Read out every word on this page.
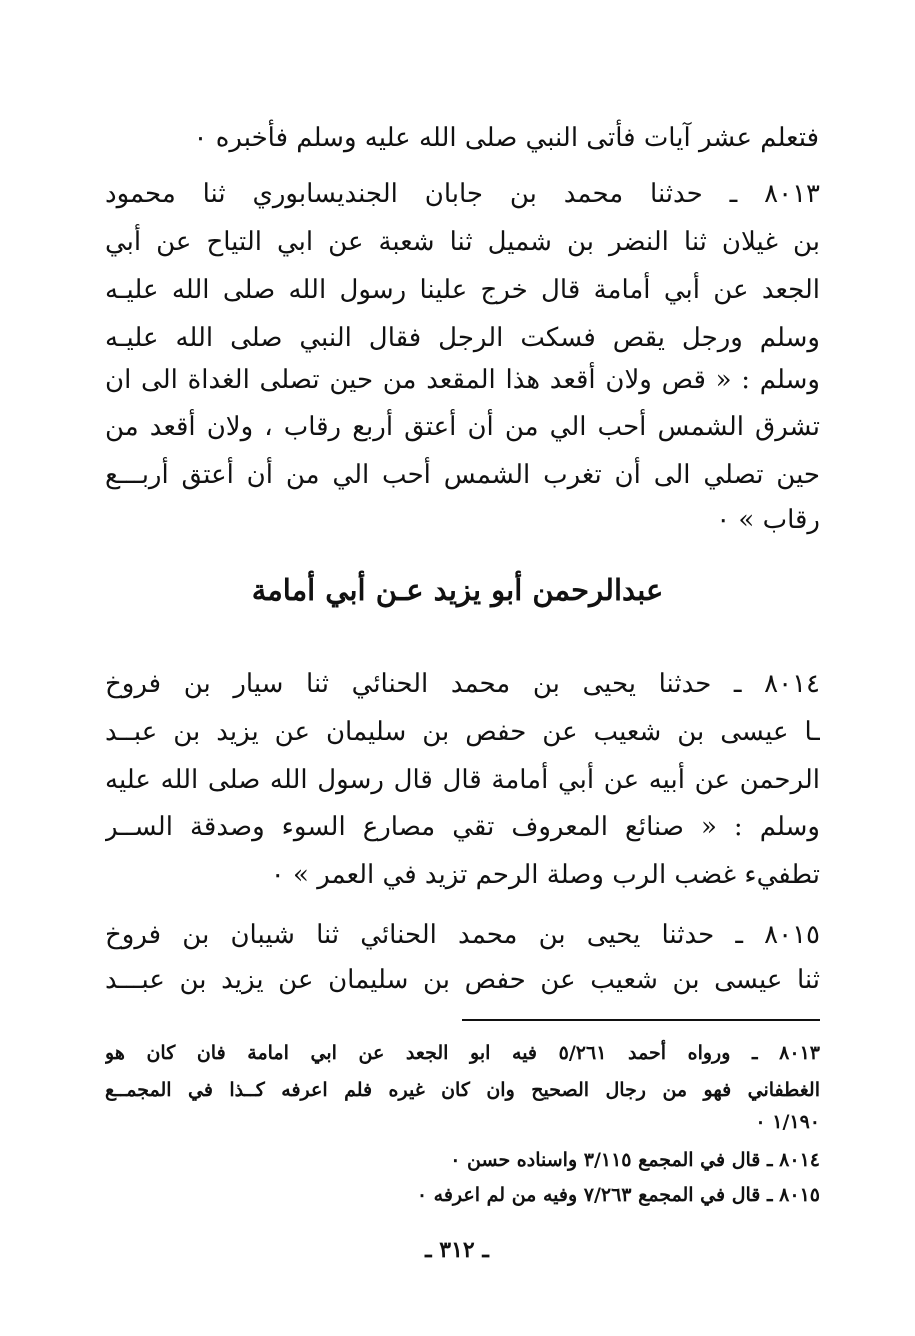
فتعلم عشر آيات فأتى النبي صلى الله عليه وسلم فأخبره ٠
٨٠١٣ ـ حدثنا محمد بن جابان الجنديسابوري ثنا محمود
بن غيلان ثنا النضر بن شميل ثنا شعبة عن ابي التياح عن أبي
الجعد عن أبي أمامة قال خرج علينا رسول الله صلى الله عليـه
وسلم ورجل يقص فسكت الرجل فقال النبي صلى الله عليـه
وسلم : « قص ولان أقعد هذا المقعد من حين تصلى الغداة الى ان
تشرق الشمس أحب الي من أن أعتق أربع رقاب ، ولان أقعد من
حين تصلي الى أن تغرب الشمس أحب الي من أن أعتق أربـــع
رقاب » ٠
عبدالرحمن أبو يزيد عـن أبي أمامة
٨٠١٤ ـ حدثنا يحيى بن محمد الحنائي ثنا سيار بن فروخ
ـا عيسى بن شعيب عن حفص بن سليمان عن يزيد بن عبــد
الرحمن عن أبيه عن أبي أمامة قال قال رسول الله صلى الله عليه
وسلم : « صنائع المعروف تقي مصارع السوء وصدقة الســر
تطفيء غضب الرب وصلة الرحم تزيد في العمر » ٠
٨٠١٥ ـ حدثنا يحيى بن محمد الحنائي ثنا شيبان بن فروخ
ثنا عيسى بن شعيب عن حفص بن سليمان عن يزيد بن عبـــد
٨٠١٣ ـ ورواه أحمد ٥/٢٦١ فيه ابو الجعد عن ابي امامة فان كان هو
الغطفاني فهو من رجال الصحيح وان كان غيره فلم اعرفه كــذا في المجمــع
١/١٩٠ ٠
٨٠١٤ ـ قال في المجمع ٣/١١٥ واسناده حسن ٠
٨٠١٥ ـ قال في المجمع ٧/٢٦٣ وفيه من لم اعرفه ٠
ـ ٣١٢ ـ
